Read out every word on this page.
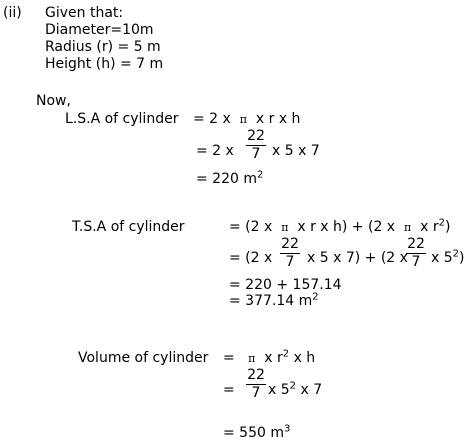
(ii) Given that:
Diameter=10m
Radius (r) = 5 m
Height (h) = 7 m
Now,
L.S.A of cylinder = 2 x π x r x h
= 2 x
22
7 x 5 x 7
= 220 $m^2$
T.S.A of cylinder	= (2 x π x r x h) + (2 x π x $r^2$)
= (2 x
22
7 x 5 x 7) + (2 x
22
7 x $5^2$)
= 220 + 157.14
= 377.14 $m^2$
Volume of cylinder = π x $r^2$ x h
=
22
7 x $5^2$ x 7
= 550 $m^3$
